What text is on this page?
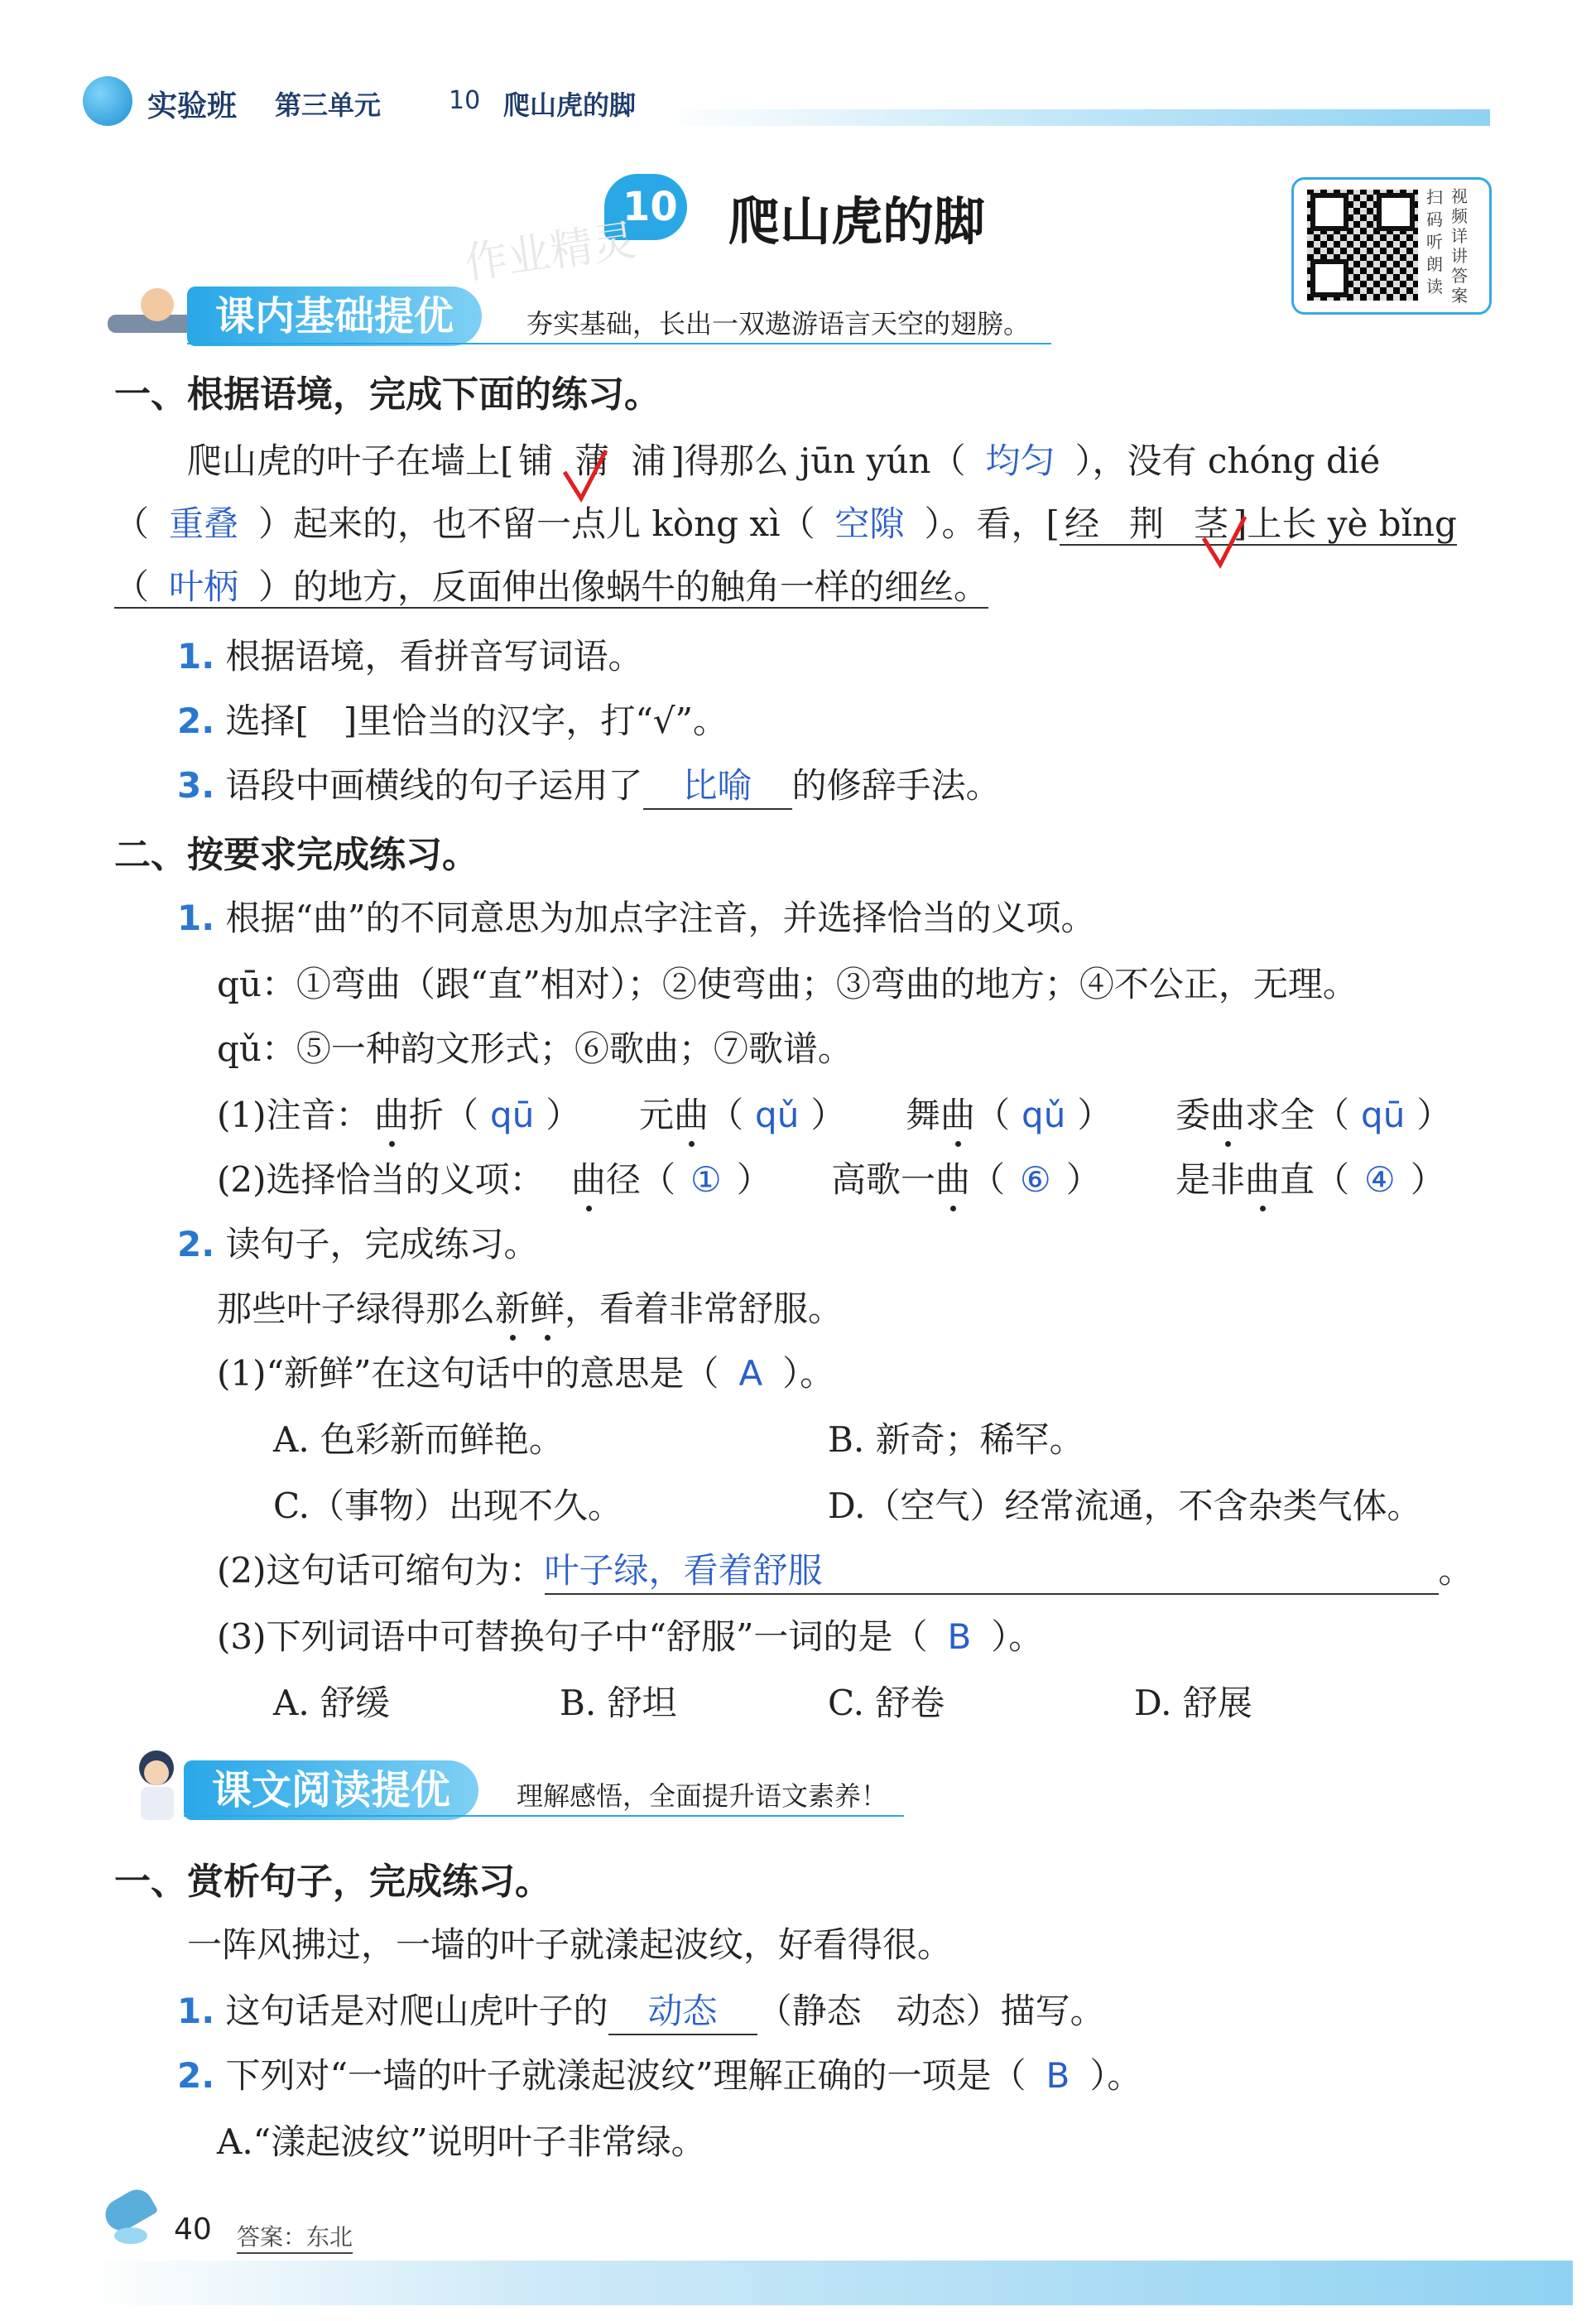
实验班 第三单元	10 爬山虎的脚
10 爬山虎的脚
作业精灵
扫码听朗读
视频详讲答案
课内基础提优	夯实基础，长出一双遨游语言天空的翅膀。
一、根据语境，完成下面的练习。
爬山虎的叶子在墙上[ 铺 蒲 浦 ]得那么 jūn yún（ 均匀 ），没有 chóng dié
（ 重叠 ）起来的，也不留一点儿 kòng xì（ 空隙 ）。看，[ 经 荆 茎 ]上长 yè bǐng
（ 叶柄 ）的地方，反面伸出像蜗牛的触角一样的细丝。
1. 根据语境，看拼音写词语。
2. 选择[　]里恰当的汉字，打“√”。
3. 语段中画横线的句子运用了 比喻 的修辞手法。
二、按要求完成练习。
1. 根据“曲”的不同意思为加点字注音，并选择恰当的义项。
qū：①弯曲（跟“直”相对）；②使弯曲；③弯曲的地方；④不公正，无理。
qǔ：⑤一种韵文形式；⑥歌曲；⑦歌谱。
(1)注音： 曲折（ qū ） 元曲（ qǔ ） 舞曲（ qǔ ） 委曲求全（ qū ）
(2)选择恰当的义项： 曲径（ ① ） 高歌一曲（ ⑥ ） 是非曲直（ ④ ）
2. 读句子，完成练习。
那些叶子绿得那么新鲜，看着非常舒服。
(1)“新鲜”在这句话中的意思是（ A ）。
A. 色彩新而鲜艳。	B. 新奇；稀罕。
C.（事物）出现不久。	D.（空气）经常流通，不含杂类气体。
(2)这句话可缩句为：叶子绿，看着舒服	。
(3)下列词语中可替换句子中“舒服”一词的是（ B ）。
A. 舒缓	B. 舒坦	C. 舒卷	D. 舒展
课文阅读提优	理解感悟，全面提升语文素养！
一、赏析句子，完成练习。
一阵风拂过，一墙的叶子就漾起波纹，好看得很。
1. 这句话是对爬山虎叶子的 动态 （静态　动态）描写。
2. 下列对“一墙的叶子就漾起波纹”理解正确的一项是（ B ）。
A.“漾起波纹”说明叶子非常绿。
40 答案：东北
